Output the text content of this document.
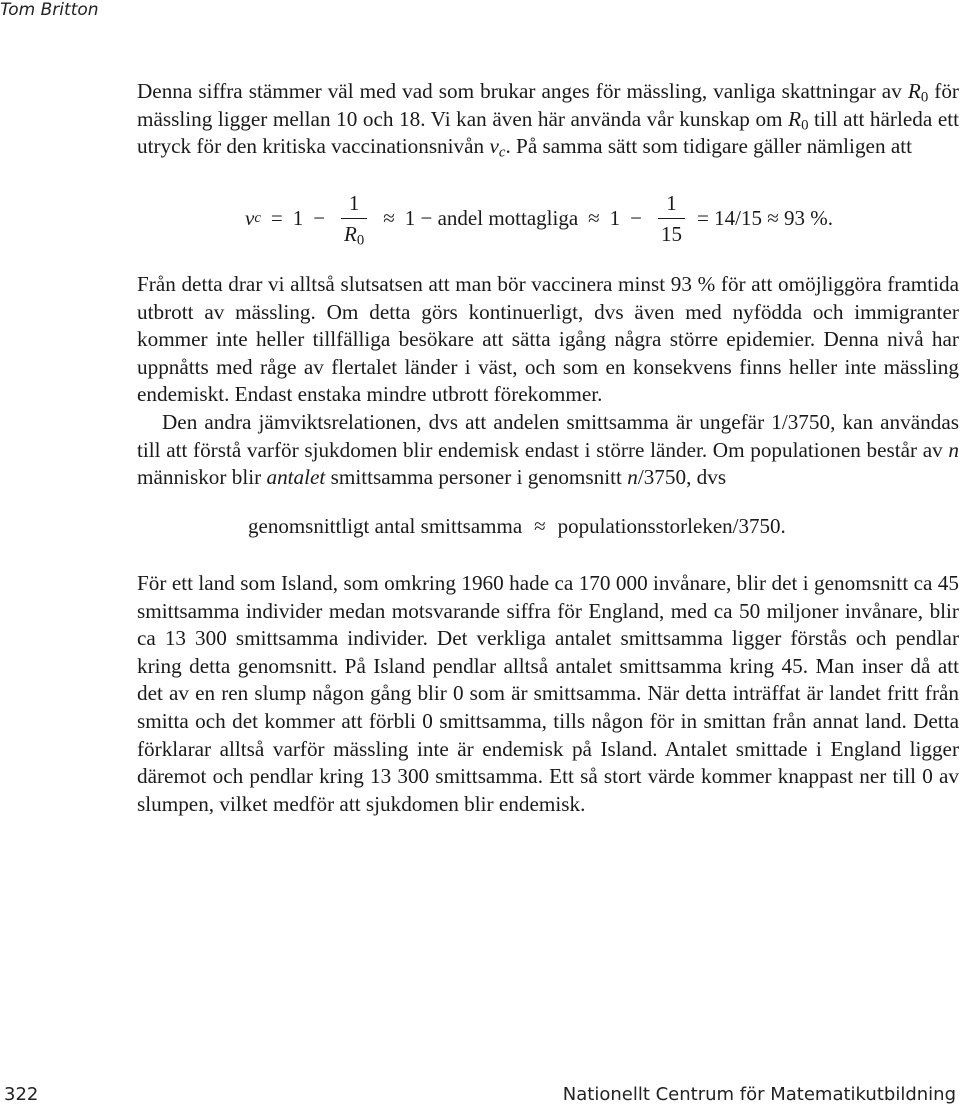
Tom Britton

Denna siffra stämmer väl med vad som brukar anges för mässling, vanliga skattningar av $R_0$ för mässling ligger mellan 10 och 18. Vi kan även här använda vår kunskap om $R_0$ till att härleda ett utryck för den kritiska vaccinationsnivån $v_c$. På samma sätt som tidigare gäller nämligen att

v $c = 1 - \frac{1}{R_0} \approx 1$ − andel mottagliga ≈ $1 - \frac{1}{15} = 14/15 \approx 93$ %.

Från detta drar vi alltså slutsatsen att man bör vaccinera minst 93 % för att omöjliggöra framtida utbrott av mässling. Om detta görs kontinuerligt, dvs även med nyfödda och immigranter kommer inte heller tillfälliga besökare att sätta igång några större epidemier. Denna nivå har uppnåtts med råge av flertalet länder i väst, och som en konsekvens finns heller inte mässling endemiskt. Endast enstaka mindre utbrott förekommer.

Den andra jämviktsrelationen, dvs att andelen smittsamma är ungefär 1/3750, kan användas till att förstå varför sjukdomen blir endemisk endast i större länder. Om populationen består av n människor blir antalet smittsamma personer i genomsnitt n/3750, dvs

genomsnittligt antal smittsamma ≈ populationsstorleken/3750.

För ett land som Island, som omkring 1960 hade ca 170 000 invånare, blir det i genomsnitt ca 45 smittsamma individer medan motsvarande siffra för England, med ca 50 miljoner invånare, blir ca 13 300 smittsamma individer. Det verkliga antalet smittsamma ligger förstås och pendlar kring detta genomsnitt. På Island pendlar alltså antalet smittsamma kring 45. Man inser då att det av en ren slump någon gång blir 0 som är smittsamma. När detta inträffat är landet fritt från smitta och det kommer att förbli 0 smittsamma, tills någon för in smittan från annat land. Detta förklarar alltså varför mässling inte är endemisk på Island. Antalet smittade i England ligger däremot och pendlar kring 13 300 smittsamma. Ett så stort värde kommer knappast ner till 0 av slumpen, vilket medför att sjukdomen blir endemisk.

322	Nationellt Centrum för Matematikutbildning
